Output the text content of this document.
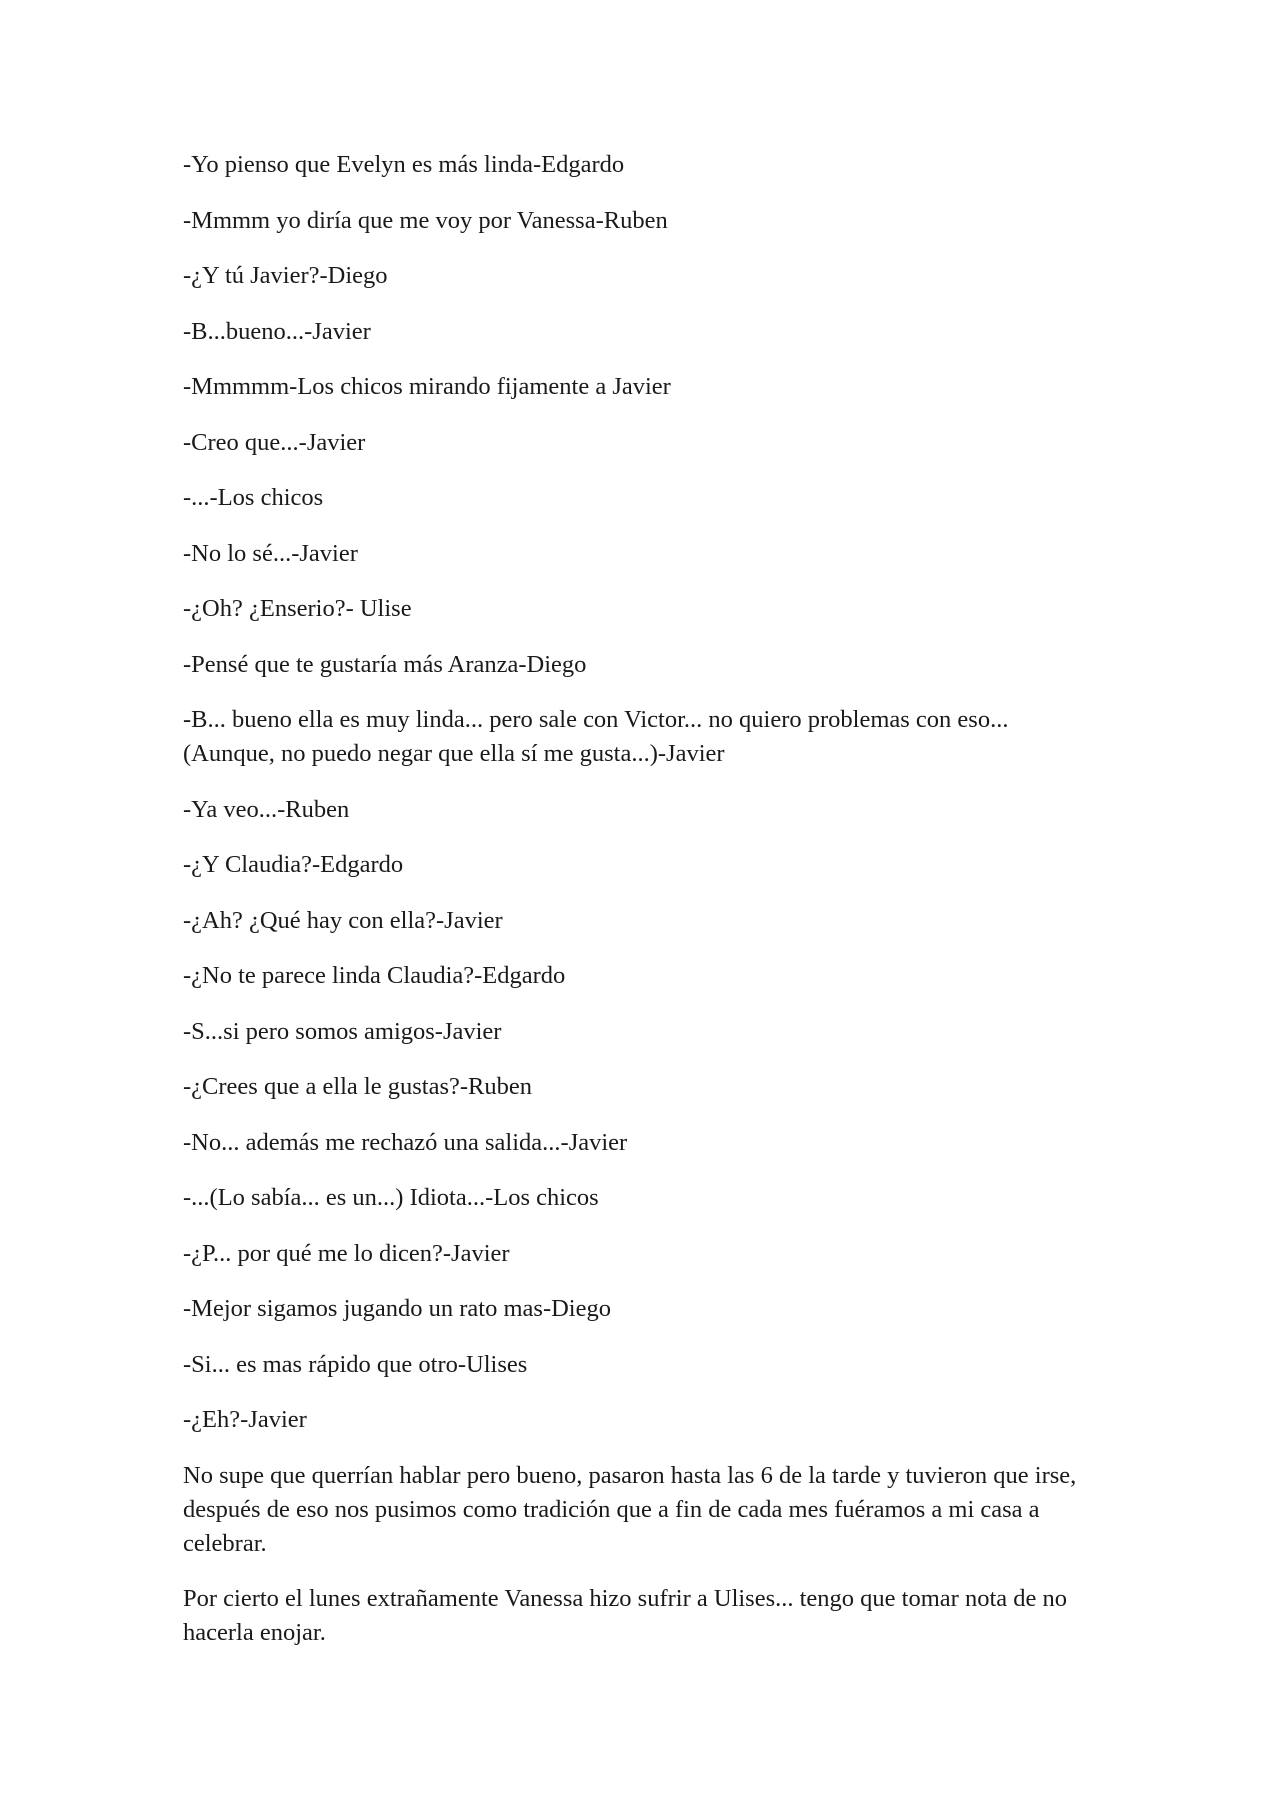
-Yo pienso que Evelyn es más linda-Edgardo

-Mmmm yo diría que me voy por Vanessa-Ruben

-¿Y tú Javier?-Diego

-B...bueno...-Javier

-Mmmmm-Los chicos mirando fijamente a Javier

-Creo que...-Javier

-...-Los chicos

-No lo sé...-Javier

-¿Oh? ¿Enserio?- Ulise

-Pensé que te gustaría más Aranza-Diego

-B... bueno ella es muy linda... pero sale con Victor... no quiero problemas con eso... (Aunque, no puedo negar que ella sí me gusta...)-Javier

-Ya veo...-Ruben

-¿Y Claudia?-Edgardo

-¿Ah? ¿Qué hay con ella?-Javier

-¿No te parece linda Claudia?-Edgardo

-S...si pero somos amigos-Javier

-¿Crees que a ella le gustas?-Ruben

-No... además me rechazó una salida...-Javier

-...(Lo sabía... es un...) Idiota...-Los chicos

-¿P... por qué me lo dicen?-Javier

-Mejor sigamos jugando un rato mas-Diego

-Si... es mas rápido que otro-Ulises

-¿Eh?-Javier

No supe que querrían hablar pero bueno, pasaron hasta las 6 de la tarde y tuvieron que irse, después de eso nos pusimos como tradición que a fin de cada mes fuéramos a mi casa a celebrar.

Por cierto el lunes extrañamente Vanessa hizo sufrir a Ulises... tengo que tomar nota de no hacerla enojar.
